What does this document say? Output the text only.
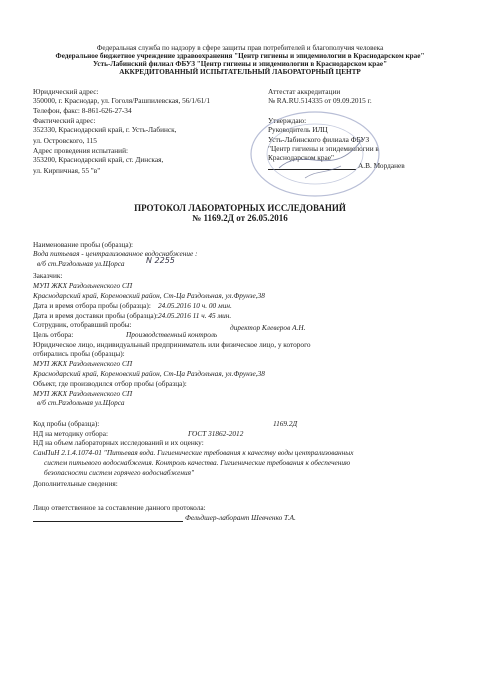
Федеральная служба по надзору в сфере защиты прав потребителей и благополучия человека
Федеральное бюджетное учреждение здравоохранения "Центр гигиены и эпидемиологии в Краснодарском крае"
Усть-Лабинский филиал ФБУЗ "Центр гигиены и эпидемиологии в Краснодарском крае"
АККРЕДИТОВАННЫЙ ИСПЫТАТЕЛЬНЫЙ ЛАБОРАТОРНЫЙ ЦЕНТР
Юридический адрес:
350000, г. Краснодар, ул. Гоголя/Рашпилевская, 56/1/61/1
Телефон, факс: 8-861-626-27-34
Фактический адрес:
352330, Краснодарский край, г. Усть-Лабинск,
ул. Островского, 115
Адрес проведения испытаний:
353200, Краснодарский край, ст. Динская,
ул. Кирпичная, 55 "в"
Аттестат аккредитации
№ RA.RU.514335 от 09.09.2015 г.
Утверждаю:
Руководитель ИЛЦ
Усть-Лабинского филиала ФБУЗ
"Центр гигиены и эпидемиологии в
Краснодарском крае"
А.В. Морданев
ПРОТОКОЛ ЛАБОРАТОРНЫХ ИССЛЕДОВАНИЙ
№ 1169.2Д от 26.05.2016
Наименование пробы (образца):
Вода питьевая - централизованное водоснабжение :
в/б ст.Раздольная ул.Щорса	N 2255
Заказчик:
МУП ЖКХ Раздольненского СП
Краснодарский край, Кореновский район, Ст-Ца Раздольная, ул.Фрунзе,38
Дата и время отбора пробы (образца): 24.05.2016 10 ч. 00 мин.
Дата и время доставки пробы (образца): 24.05.2016 11 ч. 45 мин.
Сотрудник, отобравший пробы:	директор Клеверов А.Н.
Цель отбора:	Производственный контроль
Юридическое лицо, индивидуальный предприниматель или физическое лицо, у которого
отбирались пробы (образцы):
МУП ЖКХ Раздольненского СП
Краснодарский край, Кореновский район, Ст-Ца Раздольная, ул.Фрунзе,38
Объект, где производился отбор пробы (образца):
МУП ЖКХ Раздольненского СП
в/б ст.Раздольная ул.Щорса
Код пробы (образца):	1169.2Д
НД на методику отбора:	ГОСТ 31862-2012
НД на объем лабораторных исследований и их оценку:
СанПиН 2.1.4.1074-01 "Питьевая вода. Гигиенические требования к качеству воды централизованных
систем питьевого водоснабжения. Контроль качества. Гигиенические требования к обеспечению
безопасности систем горячего водоснабжения"
Дополнительные сведения:
Лицо ответственное за составление данного протокола:
Фельдшер-лаборант Шевченко Т.А.
